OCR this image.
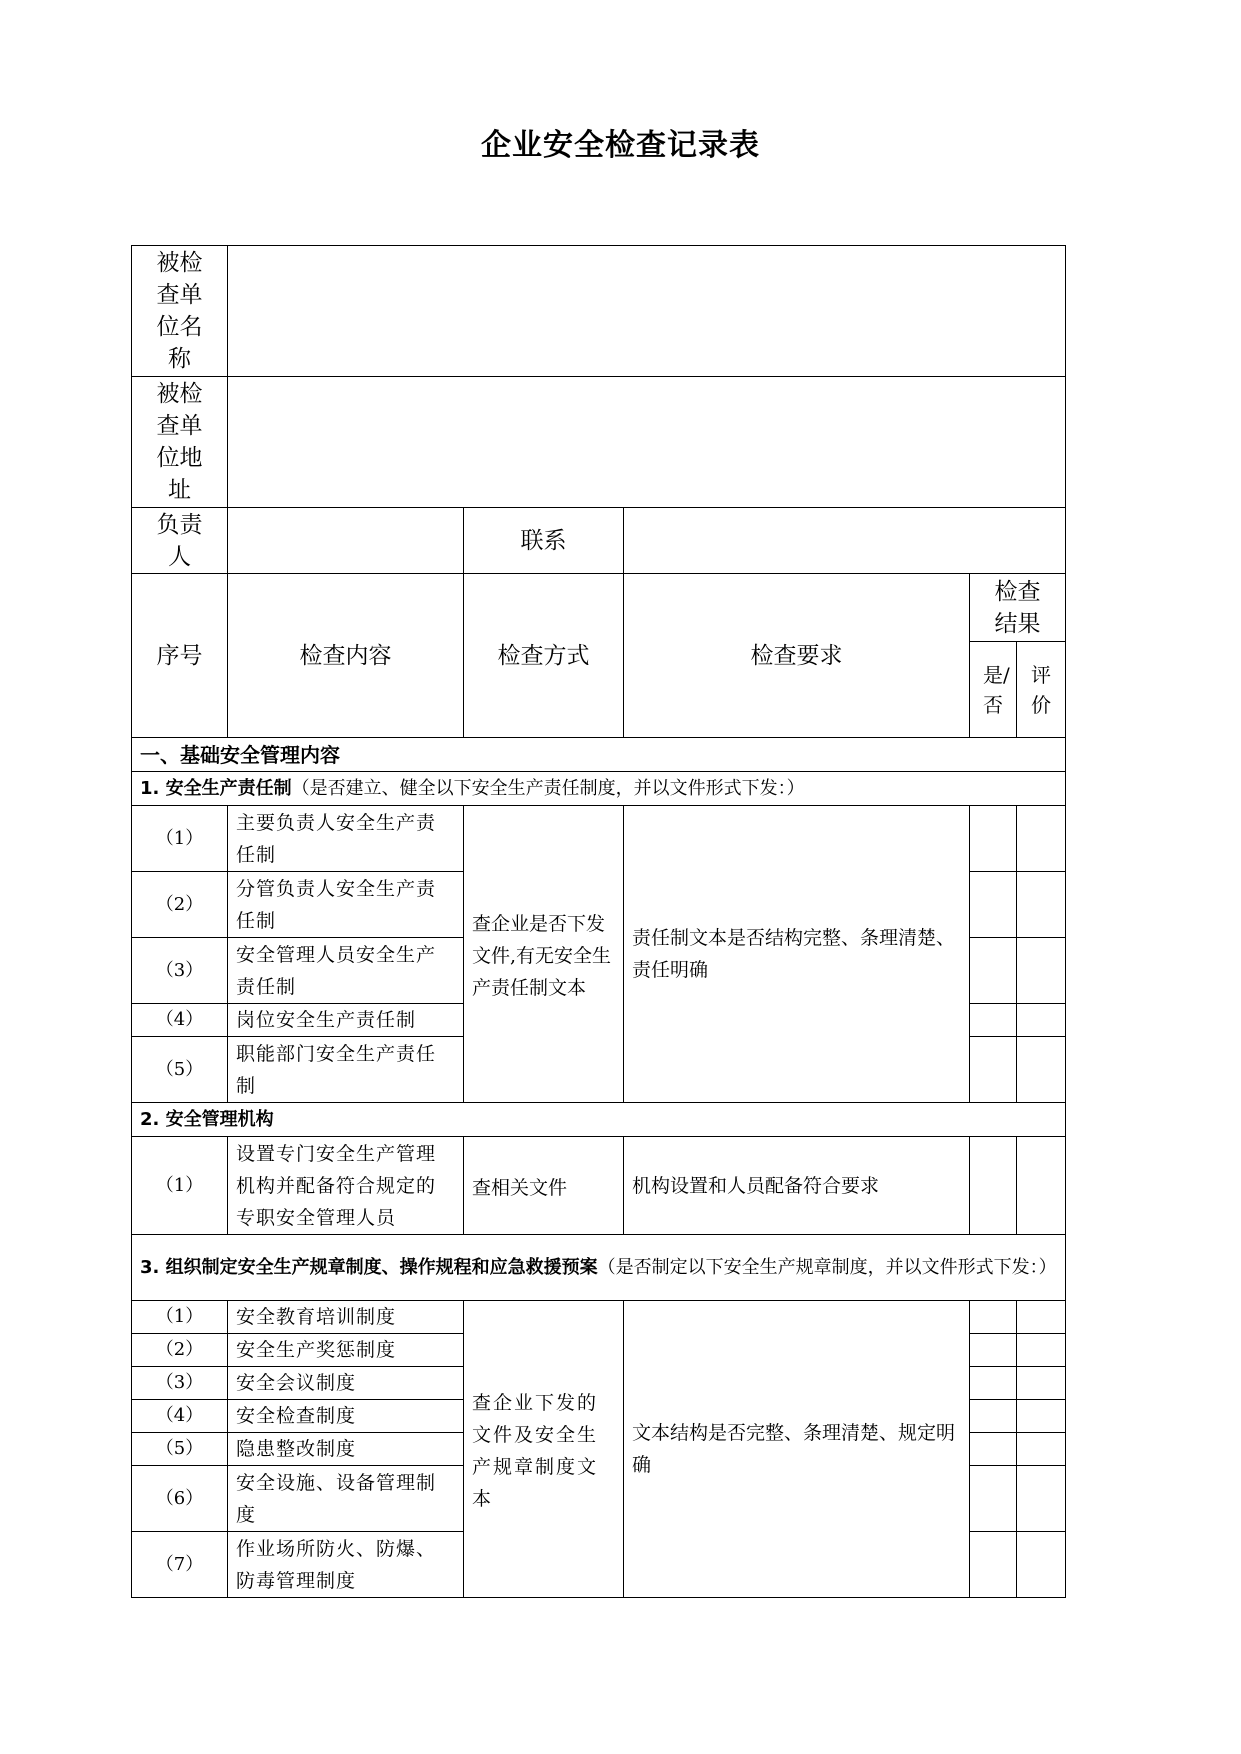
企业安全检查记录表
被检查单位名称					

被检查单位地址					

负责人		联系			
序号	检查内容	检查方式	检查要求	检查结果	

				是/否	评价

一、基础安全管理内容					
1. 安全生产责任制（是否建立、健全以下安全生产责任制度，并以文件形式下发：）					
（1）	主要负责人安全生产责任制	查企业是否下发文件,有无安全生产责任制文本	责任制文本是否结构完整、条理清楚、责任明确		
（2）	分管负责人安全生产责任制				
（3）	安全管理人员安全生产责任制				
（4）	岗位安全生产责任制				
（5）	职能部门安全生产责任制				
2. 安全管理机构					
（1）	设置专门安全生产管理机构并配备符合规定的专职安全管理人员	查相关文件	机构设置和人员配备符合要求		
3. 组织制定安全生产规章制度、操作规程和应急救援预案（是否制定以下安全生产规章制度，并以文件形式下发：）					
（1）	安全教育培训制度	查企业下发的文件及安全生产规章制度文本	文本结构是否完整、条理清楚、规定明确		
（2）	安全生产奖惩制度				
（3）	安全会议制度				
（4）	安全检查制度				
（5）	隐患整改制度				
（6）	安全设施、设备管理制度				
（7）	作业场所防火、防爆、防毒管理制度				
